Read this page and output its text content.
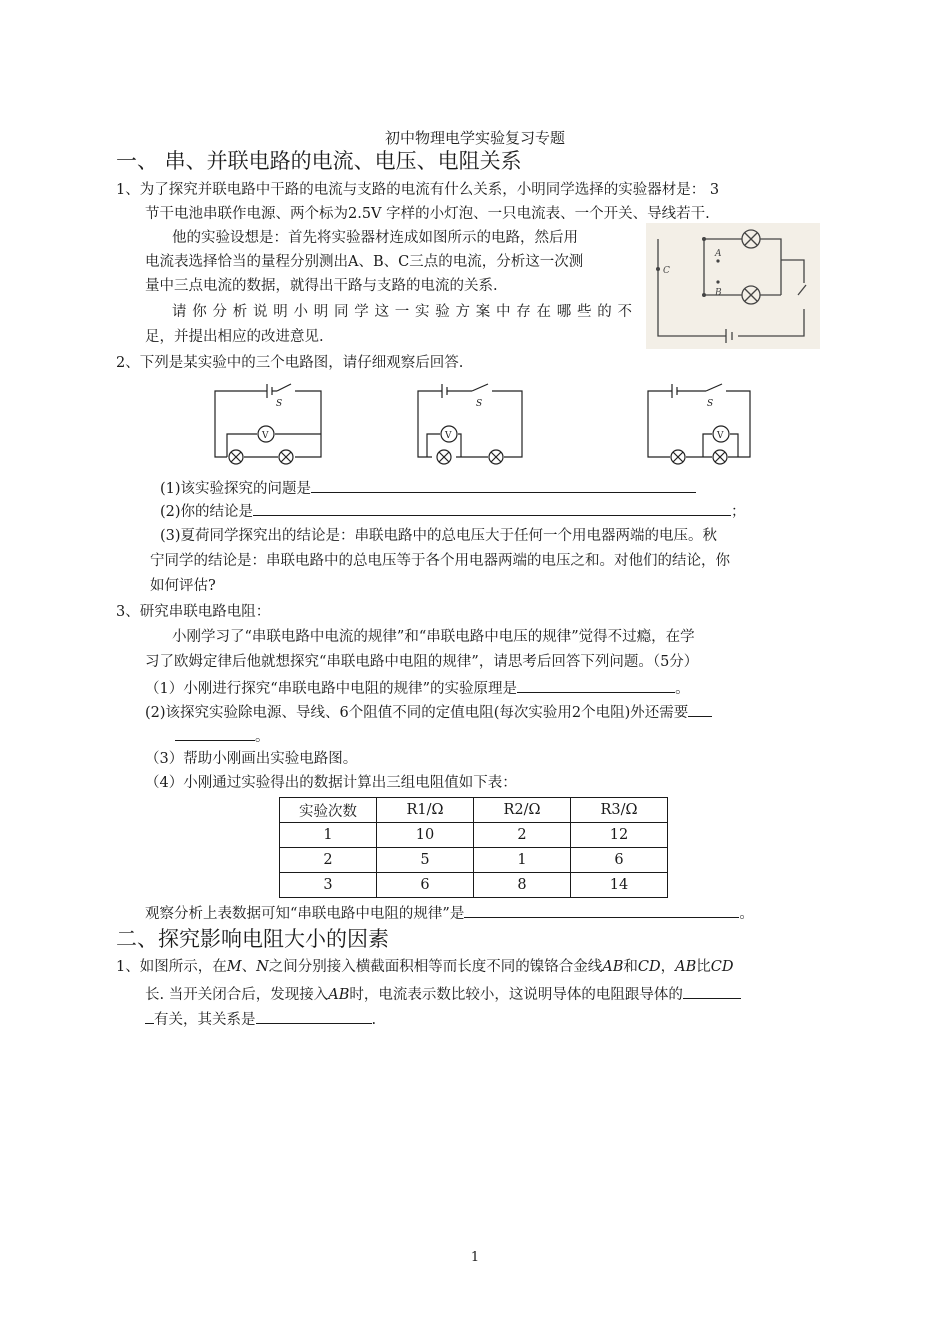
初中物理电学实验复习专题
一、 串、并联电路的电流、电压、电阻关系
1、为了探究并联电路中干路的电流与支路的电流有什么关系，小明同学选择的实验器材是： 3
节干电池串联作电源、两个标为2.5V 字样的小灯泡、一只电流表、一个开关、导线若干.
他的实验设想是：首先将实验器材连成如图所示的电路，然后用
电流表选择恰当的量程分别测出A、B、C三点的电流，分析这一次测
量中三点电流的数据，就得出干路与支路的电流的关系.
请你分析说明小明同学这一实验方案中存在哪些的不
足，并提出相应的改进意见.
A
B
C
2、下列是某实验中的三个电路图，请仔细观察后回答.
V
S
V
S
V
S
(1)该实验探究的问题是
(2)你的结论是	；
(3)夏荷同学探究出的结论是：串联电路中的总电压大于任何一个用电器两端的电压。秋
宁同学的结论是：串联电路中的总电压等于各个用电器两端的电压之和。对他们的结论，你
如何评估?
3、研究串联电路电阻：
小刚学习了“串联电路中电流的规律”和“串联电路中电压的规律”觉得不过瘾，在学
习了欧姆定律后他就想探究“串联电路中电阻的规律”，请思考后回答下列问题。（5分）
（1）小刚进行探究“串联电路中电阻的规律”的实验原理是	。
(2)该探究实验除电源、导线、6个阻值不同的定值电阻(每次实验用2个电阻)外还需要
。
（3）帮助小刚画出实验电路图。
（4）小刚通过实验得出的数据计算出三组电阻值如下表：
实验次数	R1/Ω	R2/Ω	R3/Ω
1	10	2	12
2	5	1	6
3	6	8	14
观察分析上表数据可知“串联电路中电阻的规律”是	。
二、探究影响电阻大小的因素
1、如图所示，在M、N之间分别接入横截面积相等而长度不同的镍铬合金线AB和CD，AB比CD
长. 当开关闭合后，发现接入AB时，电流表示数比较小，这说明导体的电阻跟导体的
有关，其关系是	.
1
